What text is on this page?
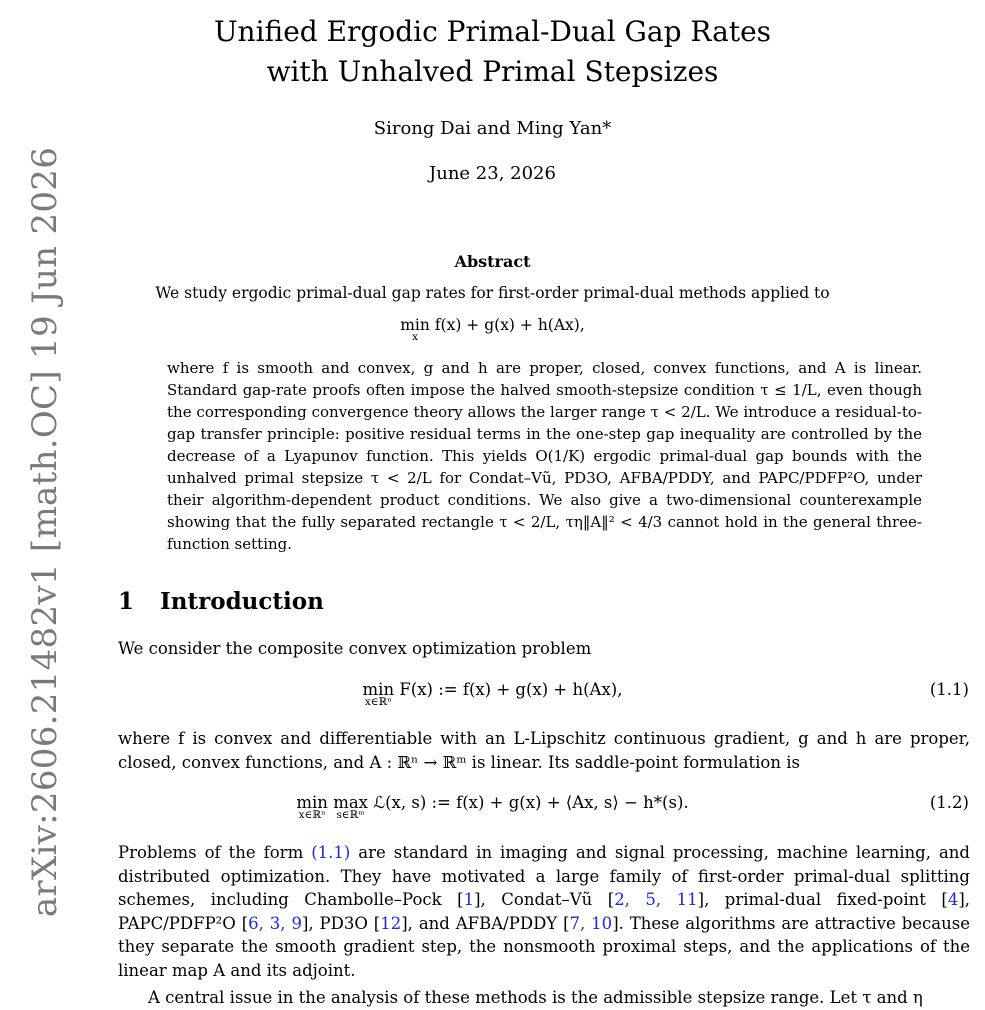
arXiv:2606.21482v1 [math.OC] 19 Jun 2026
Unified Ergodic Primal-Dual Gap Rates
with Unhalved Primal Stepsizes
Sirong Dai and Ming Yan*
June 23, 2026
Abstract
We study ergodic primal-dual gap rates for first-order primal-dual methods applied to
min
x
f(x) + g(x) + h(Ax),
where f is smooth and convex, g and h are proper, closed, convex functions, and A is linear. Standard gap-rate proofs often impose the halved smooth-stepsize condition τ ≤ 1/L, even though the corresponding convergence theory allows the larger range τ < 2/L. We introduce a residual-to-gap transfer principle: positive residual terms in the one-step gap inequality are controlled by the decrease of a Lyapunov function. This yields O(1/K) ergodic primal-dual gap bounds with the unhalved primal stepsize τ < 2/L for Condat–Vũ, PD3O, AFBA/PDDY, and PAPC/PDFP²O, under their algorithm-dependent product conditions. We also give a two-dimensional counterexample showing that the fully separated rectangle τ < 2/L, τη‖A‖² < 4/3 cannot hold in the general three-function setting.
1 Introduction
We consider the composite convex optimization problem
min
x∈ℝⁿ
F(x) := f(x) + g(x) + h(Ax),	(1.1)
where f is convex and differentiable with an L-Lipschitz continuous gradient, g and h are proper, closed, convex functions, and A : ℝⁿ → ℝᵐ is linear. Its saddle-point formulation is
min
x∈ℝⁿ
max
s∈ℝᵐ
ℒ(x, s) := f(x) + g(x) + ⟨Ax, s⟩ − h*(s).	(1.2)
Problems of the form (1.1) are standard in imaging and signal processing, machine learning, and distributed optimization. They have motivated a large family of first-order primal-dual splitting schemes, including Chambolle–Pock [1], Condat–Vũ [2, 5, 11], primal-dual fixed-point [4], PAPC/PDFP²O [6, 3, 9], PD3O [12], and AFBA/PDDY [7, 10]. These algorithms are attractive because they separate the smooth gradient step, the nonsmooth proximal steps, and the applications of the linear map A and its adjoint.
A central issue in the analysis of these methods is the admissible stepsize range. Let τ and η
